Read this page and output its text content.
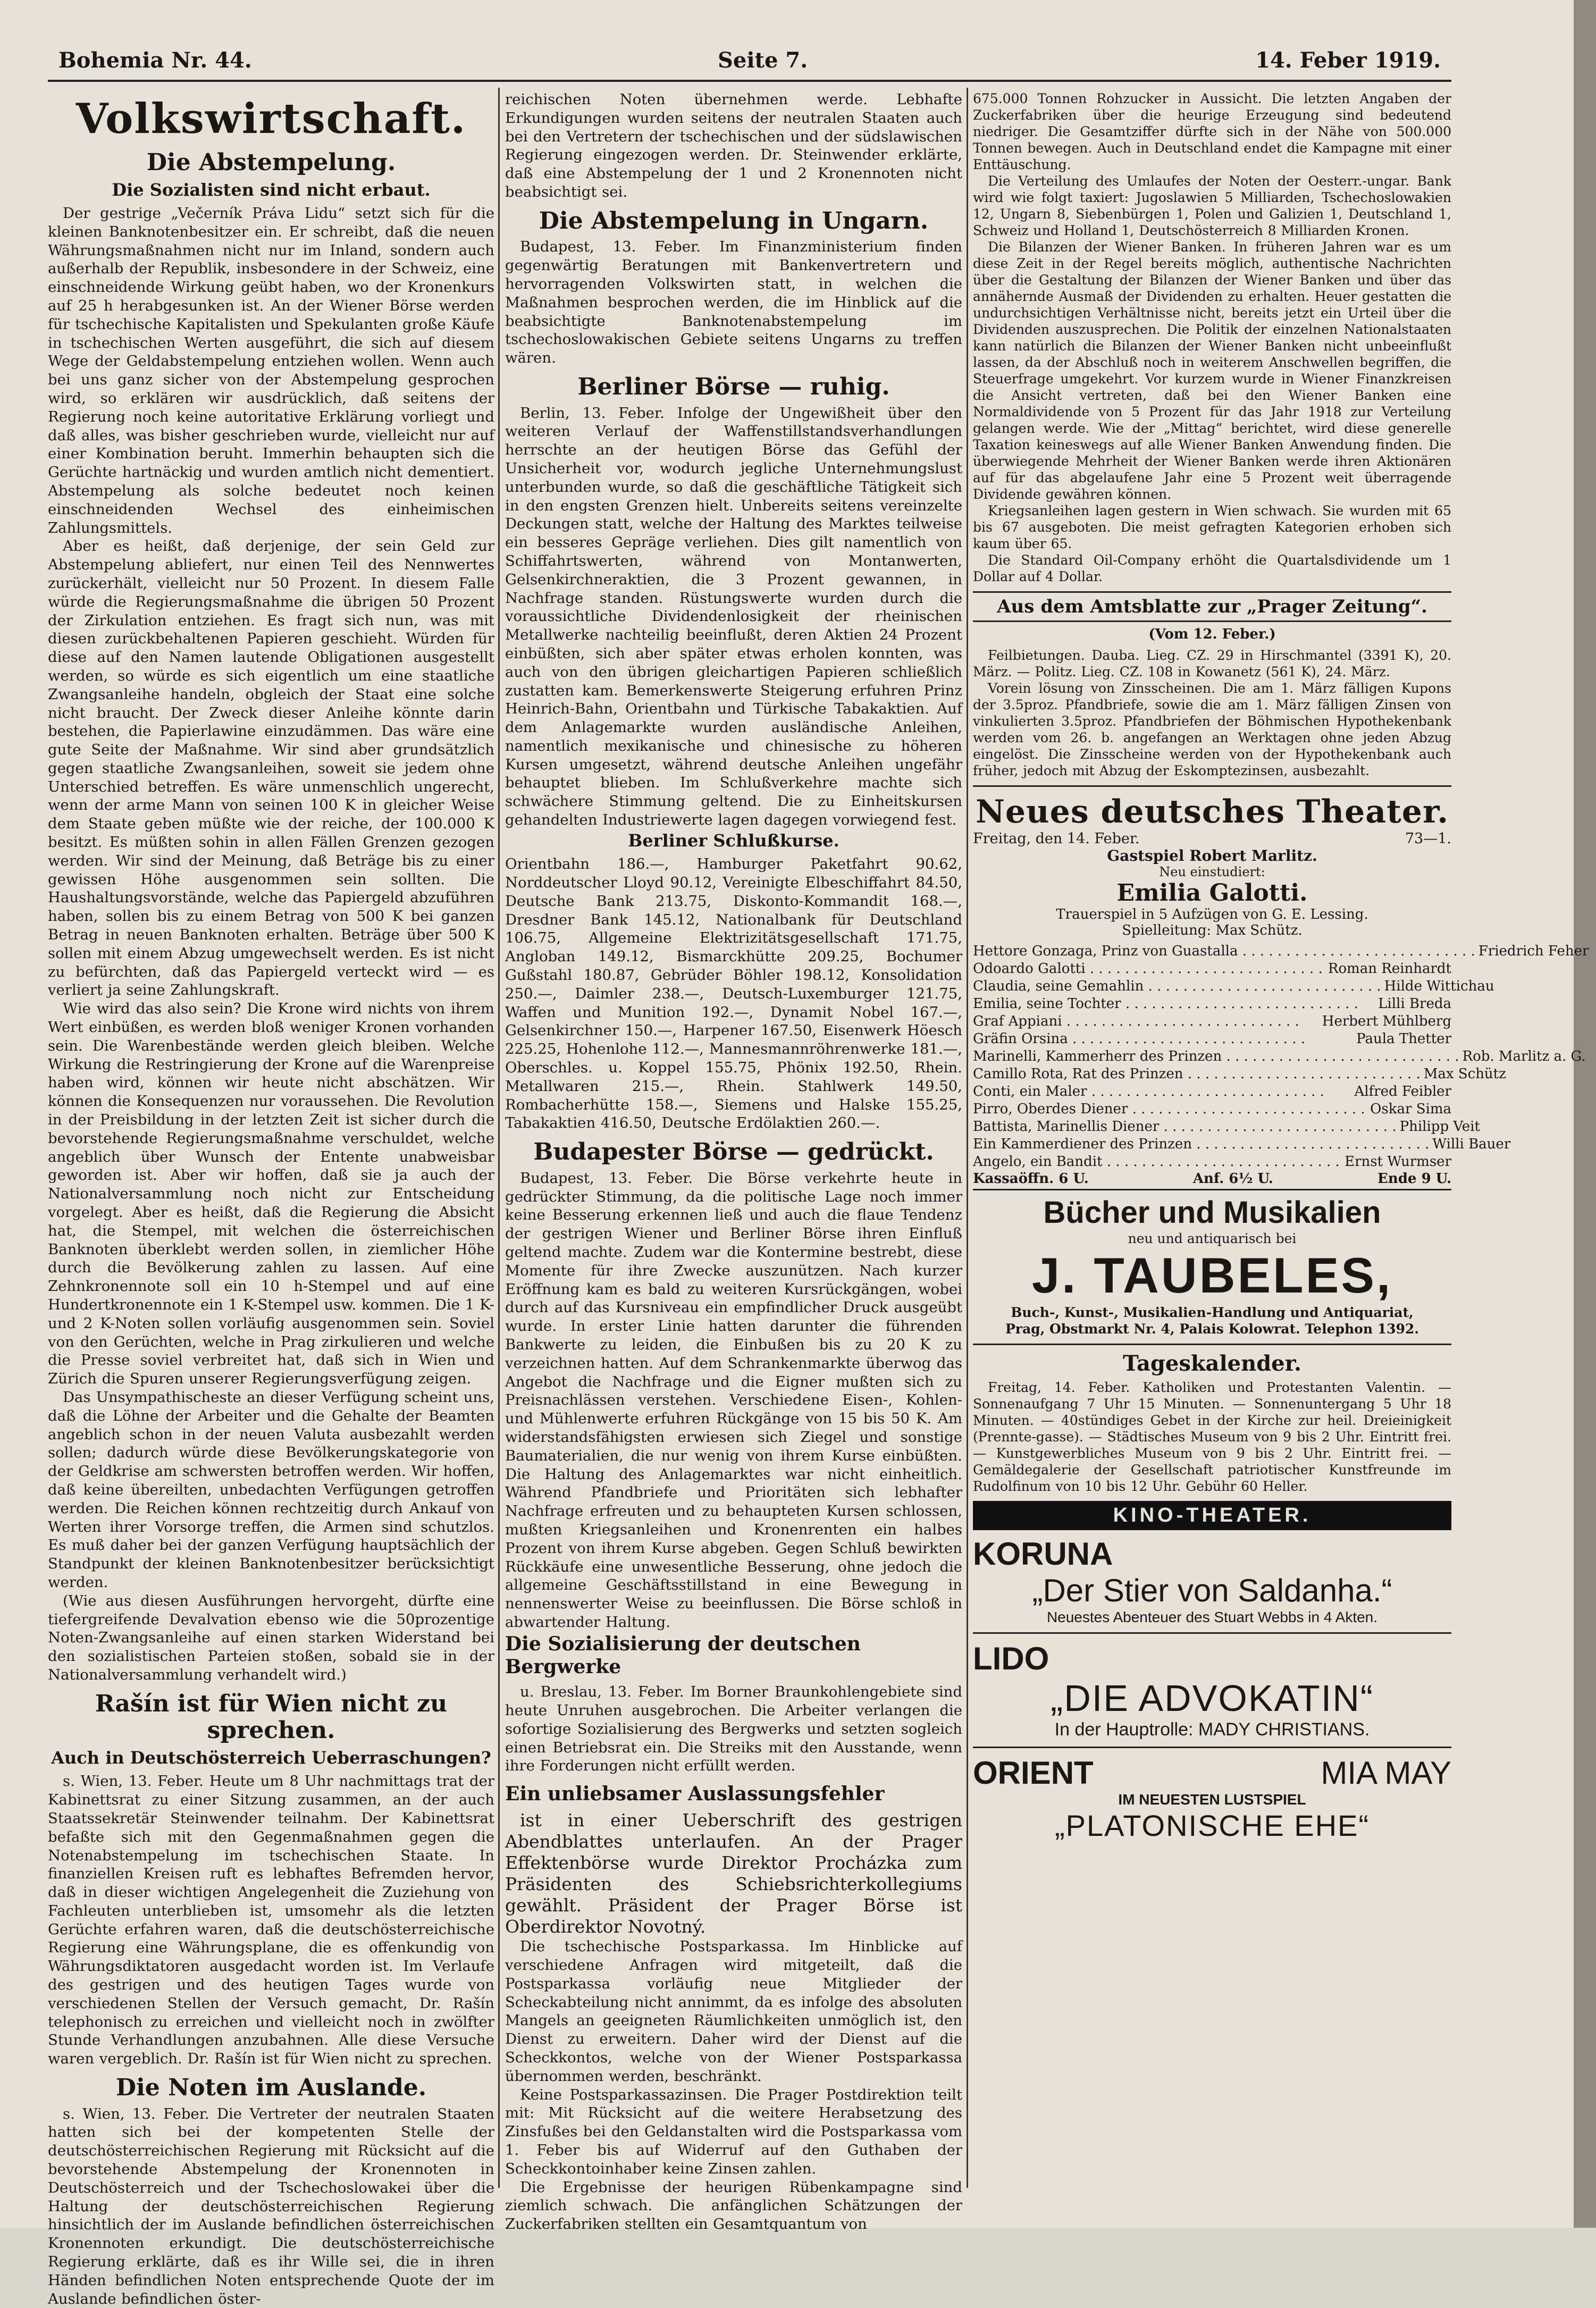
Bohemia Nr. 44.	Seite 7.	14. Feber 1919.
Volkswirtschaft.
Die Abstempelung.
Die Sozialisten sind nicht erbaut.

Der gestrige „Večerník Práva Lidu“ setzt sich für die kleinen Banknotenbesitzer ein. Er schreibt, daß die neuen Währungsmaßnahmen nicht nur im Inland, sondern auch außerhalb der Republik, insbesondere in der Schweiz, eine einschneidende Wirkung geübt haben, wo der Kronenkurs auf 25 h herabgesunken ist. An der Wiener Börse werden für tschechische Kapitalisten und Spekulanten große Käufe in tschechischen Werten ausgeführt, die sich auf diesem Wege der Geldabstempelung entziehen wollen. Wenn auch bei uns ganz sicher von der Abstempelung gesprochen wird, so erklären wir ausdrücklich, daß seitens der Regierung noch keine autoritative Erklärung vorliegt und daß alles, was bisher geschrieben wurde, vielleicht nur auf einer Kombination beruht. Immerhin behaupten sich die Gerüchte hartnäckig und wurden amtlich nicht dementiert. Abstempelung als solche bedeutet noch keinen einschneidenden Wechsel des einheimischen Zahlungsmittels.

Aber es heißt, daß derjenige, der sein Geld zur Abstempelung abliefert, nur einen Teil des Nennwertes zurückerhält, vielleicht nur 50 Prozent. In diesem Falle würde die Regierungsmaßnahme die übrigen 50 Prozent der Zirkulation entziehen. Es fragt sich nun, was mit diesen zurückbehaltenen Papieren geschieht. Würden für diese auf den Namen lautende Obligationen ausgestellt werden, so würde es sich eigentlich um eine staatliche Zwangsanleihe handeln, obgleich der Staat eine solche nicht braucht. Der Zweck dieser Anleihe könnte darin bestehen, die Papierlawine einzudämmen. Das wäre eine gute Seite der Maßnahme. Wir sind aber grundsätzlich gegen staatliche Zwangsanleihen, soweit sie jedem ohne Unterschied betreffen. Es wäre unmenschlich ungerecht, wenn der arme Mann von seinen 100 K in gleicher Weise dem Staate geben müßte wie der reiche, der 100.000 K besitzt. Es müßten sohin in allen Fällen Grenzen gezogen werden. Wir sind der Meinung, daß Beträge bis zu einer gewissen Höhe ausgenommen sein sollten. Die Haushaltungsvorstände, welche das Papiergeld abzuführen haben, sollen bis zu einem Betrag von 500 K bei ganzen Betrag in neuen Banknoten erhalten. Beträge über 500 K sollen mit einem Abzug umgewechselt werden. Es ist nicht zu befürchten, daß das Papiergeld verteckt wird — es verliert ja seine Zahlungskraft.

Wie wird das also sein? Die Krone wird nichts von ihrem Wert einbüßen, es werden bloß weniger Kronen vorhanden sein. Die Warenbestände werden gleich bleiben. Welche Wirkung die Restringierung der Krone auf die Warenpreise haben wird, können wir heute nicht abschätzen. Wir können die Konsequenzen nur voraussehen. Die Revolution in der Preisbildung in der letzten Zeit ist sicher durch die bevorstehende Regierungsmaßnahme verschuldet, welche angeblich über Wunsch der Entente unabweisbar geworden ist. Aber wir hoffen, daß sie ja auch der Nationalversammlung noch nicht zur Entscheidung vorgelegt. Aber es heißt, daß die Regierung die Absicht hat, die Stempel, mit welchen die österreichischen Banknoten überklebt werden sollen, in ziemlicher Höhe durch die Bevölkerung zahlen zu lassen. Auf eine Zehnkronennote soll ein 10 h-Stempel und auf eine Hundertkronennote ein 1 K-Stempel usw. kommen. Die 1 K- und 2 K-Noten sollen vorläufig ausgenommen sein. Soviel von den Gerüchten, welche in Prag zirkulieren und welche die Presse soviel verbreitet hat, daß sich in Wien und Zürich die Spuren unserer Regierungsverfügung zeigen.

Das Unsympathischeste an dieser Verfügung scheint uns, daß die Löhne der Arbeiter und die Gehalte der Beamten angeblich schon in der neuen Valuta ausbezahlt werden sollen; dadurch würde diese Bevölkerungskategorie von der Geldkrise am schwersten betroffen werden. Wir hoffen, daß keine übereilten, unbedachten Verfügungen getroffen werden. Die Reichen können rechtzeitig durch Ankauf von Werten ihrer Vorsorge treffen, die Armen sind schutzlos. Es muß daher bei der ganzen Verfügung hauptsächlich der Standpunkt der kleinen Banknotenbesitzer berücksichtigt werden.

(Wie aus diesen Ausführungen hervorgeht, dürfte eine tiefergreifende Devalvation ebenso wie die 50prozentige Noten-Zwangsanleihe auf einen starken Widerstand bei den sozialistischen Parteien stoßen, sobald sie in der Nationalversammlung verhandelt wird.)

Rašín ist für Wien nicht zu sprechen.
Auch in Deutschösterreich Ueberraschungen?

s. Wien, 13. Feber. Heute um 8 Uhr nachmittags trat der Kabinettsrat zu einer Sitzung zusammen, an der auch Staatssekretär Steinwender teilnahm. Der Kabinettsrat befaßte sich mit den Gegenmaßnahmen gegen die Notenabstempelung im tschechischen Staate. In finanziellen Kreisen ruft es lebhaftes Befremden hervor, daß in dieser wichtigen Angelegenheit die Zuziehung von Fachleuten unterblieben ist, umsomehr als die letzten Gerüchte erfahren waren, daß die deutschösterreichische Regierung eine Währungsplane, die es offenkundig von Währungsdiktatoren ausgedacht worden ist. Im Verlaufe des gestrigen und des heutigen Tages wurde von verschiedenen Stellen der Versuch gemacht, Dr. Rašín telephonisch zu erreichen und vielleicht noch in zwölfter Stunde Verhandlungen anzubahnen. Alle diese Versuche waren vergeblich. Dr. Rašín ist für Wien nicht zu sprechen.

Die Noten im Auslande.

s. Wien, 13. Feber. Die Vertreter der neutralen Staaten hatten sich bei der kompetenten Stelle der deutschösterreichischen Regierung mit Rücksicht auf die bevorstehende Abstempelung der Kronennoten in Deutschösterreich und der Tschechoslowakei über die Haltung der deutschösterreichischen Regierung hinsichtlich der im Auslande befindlichen österreichischen Kronennoten erkundigt. Die deutschösterreichische Regierung erklärte, daß es ihr Wille sei, die in ihren Händen befindlichen Noten entsprechende Quote der im Auslande befindlichen öster-

reichischen Noten übernehmen werde. Lebhafte Erkundigungen wurden seitens der neutralen Staaten auch bei den Vertretern der tschechischen und der südslawischen Regierung eingezogen werden. Dr. Steinwender erklärte, daß eine Abstempelung der 1 und 2 Kronennoten nicht beabsichtigt sei.

Die Abstempelung in Ungarn.

Budapest, 13. Feber. Im Finanzministerium finden gegenwärtig Beratungen mit Bankenvertretern und hervorragenden Volkswirten statt, in welchen die Maßnahmen besprochen werden, die im Hinblick auf die beabsichtigte Banknotenabstempelung im tschechoslowakischen Gebiete seitens Ungarns zu treffen wären.

Berliner Börse — ruhig.

Berlin, 13. Feber. Infolge der Ungewißheit über den weiteren Verlauf der Waffenstillstandsverhandlungen herrschte an der heutigen Börse das Gefühl der Unsicherheit vor, wodurch jegliche Unternehmungslust unterbunden wurde, so daß die geschäftliche Tätigkeit sich in den engsten Grenzen hielt. Unbereits seitens vereinzelte Deckungen statt, welche der Haltung des Marktes teilweise ein besseres Gepräge verliehen. Dies gilt namentlich von Schiffahrtswerten, während von Montanwerten, Gelsenkirchneraktien, die 3 Prozent gewannen, in Nachfrage standen. Rüstungswerte wurden durch die voraussichtliche Dividendenlosigkeit der rheinischen Metallwerke nachteilig beeinflußt, deren Aktien 24 Prozent einbüßten, sich aber später etwas erholen konnten, was auch von den übrigen gleichartigen Papieren schließlich zustatten kam. Bemerkenswerte Steigerung erfuhren Prinz Heinrich-Bahn, Orientbahn und Türkische Tabakaktien. Auf dem Anlagemarkte wurden ausländische Anleihen, namentlich mexikanische und chinesische zu höheren Kursen umgesetzt, während deutsche Anleihen ungefähr behauptet blieben. Im Schlußverkehre machte sich schwächere Stimmung geltend. Die zu Einheitskursen gehandelten Industriewerte lagen dagegen vorwiegend fest.

Berliner Schlußkurse.

Orientbahn 186.—, Hamburger Paketfahrt 90.62, Norddeutscher Lloyd 90.12, Vereinigte Elbeschiffahrt 84.50, Deutsche Bank 213.75, Diskonto-Kommandit 168.—, Dresdner Bank 145.12, Nationalbank für Deutschland 106.75, Allgemeine Elektrizitätsgesellschaft 171.75, Angloban 149.12, Bismarckhütte 209.25, Bochumer Gußstahl 180.87, Gebrüder Böhler 198.12, Konsolidation 250.—, Daimler 238.—, Deutsch-Luxemburger 121.75, Waffen und Munition 192.—, Dynamit Nobel 167.—, Gelsenkirchner 150.—, Harpener 167.50, Eisenwerk Höesch 225.25, Hohenlohe 112.—, Mannesmannröhrenwerke 181.—, Oberschles. u. Koppel 155.75, Phönix 192.50, Rhein. Metallwaren 215.—, Rhein. Stahlwerk 149.50, Rombacherhütte 158.—, Siemens und Halske 155.25, Tabakaktien 416.50, Deutsche Erdölaktien 260.—.

Budapester Börse — gedrückt.

Budapest, 13. Feber. Die Börse verkehrte heute in gedrückter Stimmung, da die politische Lage noch immer keine Besserung erkennen ließ und auch die flaue Tendenz der gestrigen Wiener und Berliner Börse ihren Einfluß geltend machte. Zudem war die Kontermine bestrebt, diese Momente für ihre Zwecke auszunützen. Nach kurzer Eröffnung kam es bald zu weiteren Kursrückgängen, wobei durch auf das Kursniveau ein empfindlicher Druck ausgeübt wurde. In erster Linie hatten darunter die führenden Bankwerte zu leiden, die Einbußen bis zu 20 K zu verzeichnen hatten. Auf dem Schrankenmarkte überwog das Angebot die Nachfrage und die Eigner mußten sich zu Preisnachlässen verstehen. Verschiedene Eisen-, Kohlen- und Mühlenwerte erfuhren Rückgänge von 15 bis 50 K. Am widerstandsfähigsten erwiesen sich Ziegel und sonstige Baumaterialien, die nur wenig von ihrem Kurse einbüßten. Die Haltung des Anlagemarktes war nicht einheitlich. Während Pfandbriefe und Prioritäten sich lebhafter Nachfrage erfreuten und zu behaupteten Kursen schlossen, mußten Kriegsanleihen und Kronenrenten ein halbes Prozent von ihrem Kurse abgeben. Gegen Schluß bewirkten Rückkäufe eine unwesentliche Besserung, ohne jedoch die allgemeine Geschäftsstillstand in eine Bewegung in nennenswerter Weise zu beeinflussen. Die Börse schloß in abwartender Haltung.

Die Sozialisierung der deutschen Bergwerke

u. Breslau, 13. Feber. Im Borner Braunkohlengebiete sind heute Unruhen ausgebrochen. Die Arbeiter verlangen die sofortige Sozialisierung des Bergwerks und setzten sogleich einen Betriebsrat ein. Die Streiks mit den Ausstande, wenn ihre Forderungen nicht erfüllt werden.

Ein unliebsamer Auslassungsfehler

ist in einer Ueberschrift des gestrigen Abendblattes unterlaufen. An der Prager Effektenbörse wurde Direktor Procházka zum Präsidenten des Schiebsrichterkollegiums gewählt. Präsident der Prager Börse ist Oberdirektor Novotný.

Die tschechische Postsparkassa. Im Hinblicke auf verschiedene Anfragen wird mitgeteilt, daß die Postsparkassa vorläufig neue Mitglieder der Scheckabteilung nicht annimmt, da es infolge des absoluten Mangels an geeigneten Räumlichkeiten unmöglich ist, den Dienst zu erweitern. Daher wird der Dienst auf die Scheckkontos, welche von der Wiener Postsparkassa übernommen werden, beschränkt.

Keine Postsparkassazinsen. Die Prager Postdirektion teilt mit: Mit Rücksicht auf die weitere Herabsetzung des Zinsfußes bei den Geldanstalten wird die Postsparkassa vom 1. Feber bis auf Widerruf auf den Guthaben der Scheckkontoinhaber keine Zinsen zahlen.

Die Ergebnisse der heurigen Rübenkampagne sind ziemlich schwach. Die anfänglichen Schätzungen der Zuckerfabriken stellten ein Gesamtquantum von

675.000 Tonnen Rohzucker in Aussicht. Die letzten Angaben der Zuckerfabriken über die heurige Erzeugung sind bedeutend niedriger. Die Gesamtziffer dürfte sich in der Nähe von 500.000 Tonnen bewegen. Auch in Deutschland endet die Kampagne mit einer Enttäuschung.

Die Verteilung des Umlaufes der Noten der Oesterr.-ungar. Bank wird wie folgt taxiert: Jugoslawien 5 Milliarden, Tschechoslowakien 12, Ungarn 8, Siebenbürgen 1, Polen und Galizien 1, Deutschland 1, Schweiz und Holland 1, Deutschösterreich 8 Milliarden Kronen.

Die Bilanzen der Wiener Banken. In früheren Jahren war es um diese Zeit in der Regel bereits möglich, authentische Nachrichten über die Gestaltung der Bilanzen der Wiener Banken und über das annähernde Ausmaß der Dividenden zu erhalten. Heuer gestatten die undurchsichtigen Verhältnisse nicht, bereits jetzt ein Urteil über die Dividenden auszusprechen. Die Politik der einzelnen Nationalstaaten kann natürlich die Bilanzen der Wiener Banken nicht unbeeinflußt lassen, da der Abschluß noch in weiterem Anschwellen begriffen, die Steuerfrage umgekehrt. Vor kurzem wurde in Wiener Finanzkreisen die Ansicht vertreten, daß bei den Wiener Banken eine Normaldividende von 5 Prozent für das Jahr 1918 zur Verteilung gelangen werde. Wie der „Mittag“ berichtet, wird diese generelle Taxation keineswegs auf alle Wiener Banken Anwendung finden. Die überwiegende Mehrheit der Wiener Banken werde ihren Aktionären auf für das abgelaufene Jahr eine 5 Prozent weit überragende Dividende gewähren können.

Kriegsanleihen lagen gestern in Wien schwach. Sie wurden mit 65 bis 67 ausgeboten. Die meist gefragten Kategorien erhoben sich kaum über 65.

Die Standard Oil-Company erhöht die Quartalsdividende um 1 Dollar auf 4 Dollar.

Aus dem Amtsblatte zur „Prager Zeitung“.
(Vom 12. Feber.)

Feilbietungen. Dauba. Lieg. CZ. 29 in Hirschmantel (3391 K), 20. März. — Politz. Lieg. CZ. 108 in Kowanetz (561 K), 24. März.

Vorein lösung von Zinsscheinen. Die am 1. März fälligen Kupons der 3.5proz. Pfandbriefe, sowie die am 1. März fälligen Zinsen von vinkulierten 3.5proz. Pfandbriefen der Böhmischen Hypothekenbank werden vom 26. b. angefangen an Werktagen ohne jeden Abzug eingelöst. Die Zinsscheine werden von der Hypothekenbank auch früher, jedoch mit Abzug der Eskomptezinsen, ausbezahlt.

Neues deutsches Theater.
Freitag, den 14. Feber.	73—1.
Gastspiel Robert Marlitz.
Neu einstudiert:
Emilia Galotti.
Trauerspiel in 5 Aufzügen von G. E. Lessing.
Spielleitung: Max Schütz.
Hettore Gonzaga, Prinz von Guastalla . . .	Friedrich Feher
Odoardo Galotti . . .	Roman Reinhardt
Claudia, seine Gemahlin . . .	Hilde Wittichau
Emilia, seine Tochter . . .	Lilli Breda
Graf Appiani . . .	Herbert Mühlberg
Gräfin Orsina . . .	Paula Thetter
Marinelli, Kammerherr des Prinzen . . .	Rob. Marlitz a. G.
Camillo Rota, Rat des Prinzen . . .	Max Schütz
Conti, ein Maler . . .	Alfred Feibler
Pirro, Oberdes Diener . . .	Oskar Sima
Battista, Marinellis Diener . . .	Philipp Veit
Ein Kammerdiener des Prinzen . . .	Willi Bauer
Angelo, ein Bandit . . .	Ernst Wurmser
Kassaöffn. 6 U.	Anf. 6½ U.	Ende 9 U.
Bücher und Musikalien
neu und antiquarisch bei
J. TAUBELES,
Buch-, Kunst-, Musikalien-Handlung und Antiquariat,
Prag, Obstmarkt Nr. 4, Palais Kolowrat. Telephon 1392.
Tageskalender.

Freitag, 14. Feber. Katholiken und Protestanten Valentin. — Sonnenaufgang 7 Uhr 15 Minuten. — Sonnenuntergang 5 Uhr 18 Minuten. — 40stündiges Gebet in der Kirche zur heil. Dreieinigkeit (Prennte-gasse). — Städtisches Museum von 9 bis 2 Uhr. Eintritt frei. — Kunstgewerbliches Museum von 9 bis 2 Uhr. Eintritt frei. — Gemäldegalerie der Gesellschaft patriotischer Kunstfreunde im Rudolfinum von 10 bis 12 Uhr. Gebühr 60 Heller.

KINO-THEATER.
KORUNA
„Der Stier von Saldanha.“
Neuestes Abenteuer des Stuart Webbs in 4 Akten.
LIDO
„DIE ADVOKATIN“
In der Hauptrolle: MADY CHRISTIANS.
ORIENT	MIA MAY
IM NEUESTEN LUSTSPIEL
„PLATONISCHE EHE“
